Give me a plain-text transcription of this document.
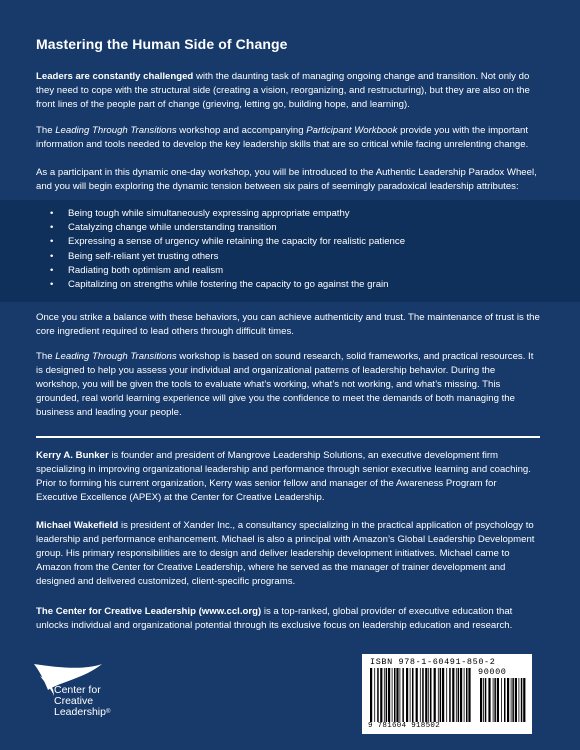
Mastering the Human Side of Change

Leaders are constantly challenged with the daunting task of managing ongoing change and transition. Not only do they need to cope with the structural side (creating a vision, reorganizing, and restructuring), but they are also on the front lines of the people part of change (grieving, letting go, building hope, and learning).

The Leading Through Transitions workshop and accompanying Participant Workbook provide you with the important information and tools needed to develop the key leadership skills that are so critical while facing unrelenting change.

As a participant in this dynamic one-day workshop, you will be introduced to the Authentic Leadership Paradox Wheel, and you will begin exploring the dynamic tension between six pairs of seemingly paradoxical leadership attributes:

• Being tough while simultaneously expressing appropriate empathy
• Catalyzing change while understanding transition
• Expressing a sense of urgency while retaining the capacity for realistic patience
• Being self-reliant yet trusting others
• Radiating both optimism and realism
• Capitalizing on strengths while fostering the capacity to go against the grain

Once you strike a balance with these behaviors, you can achieve authenticity and trust. The maintenance of trust is the core ingredient required to lead others through difficult times.

The Leading Through Transitions workshop is based on sound research, solid frameworks, and practical resources. It is designed to help you assess your individual and organizational patterns of leadership behavior. During the workshop, you will be given the tools to evaluate what’s working, what’s not working, and what’s missing. This grounded, real world learning experience will give you the confidence to meet the demands of both managing the business and leading your people.

Kerry A. Bunker is founder and president of Mangrove Leadership Solutions, an executive development firm specializing in improving organizational leadership and performance through senior executive learning and coaching. Prior to forming his current organization, Kerry was senior fellow and manager of the Awareness Program for Executive Excellence (APEX) at the Center for Creative Leadership.

Michael Wakefield is president of Xander Inc., a consultancy specializing in the practical application of psychology to leadership and performance enhancement. Michael is also a principal with Amazon’s Global Leadership Development group. His primary responsibilities are to design and deliver leadership development initiatives. Michael came to Amazon from the Center for Creative Leadership, where he served as the manager of trainer development and designed and delivered customized, client-specific programs.

The Center for Creative Leadership (www.ccl.org) is a top-ranked, global provider of executive education that unlocks individual and organizational potential through its exclusive focus on leadership education and research.

Center for
Creative
Leadership®
ISBN 978-1-60491-850-2
90000
9 781604 918502
